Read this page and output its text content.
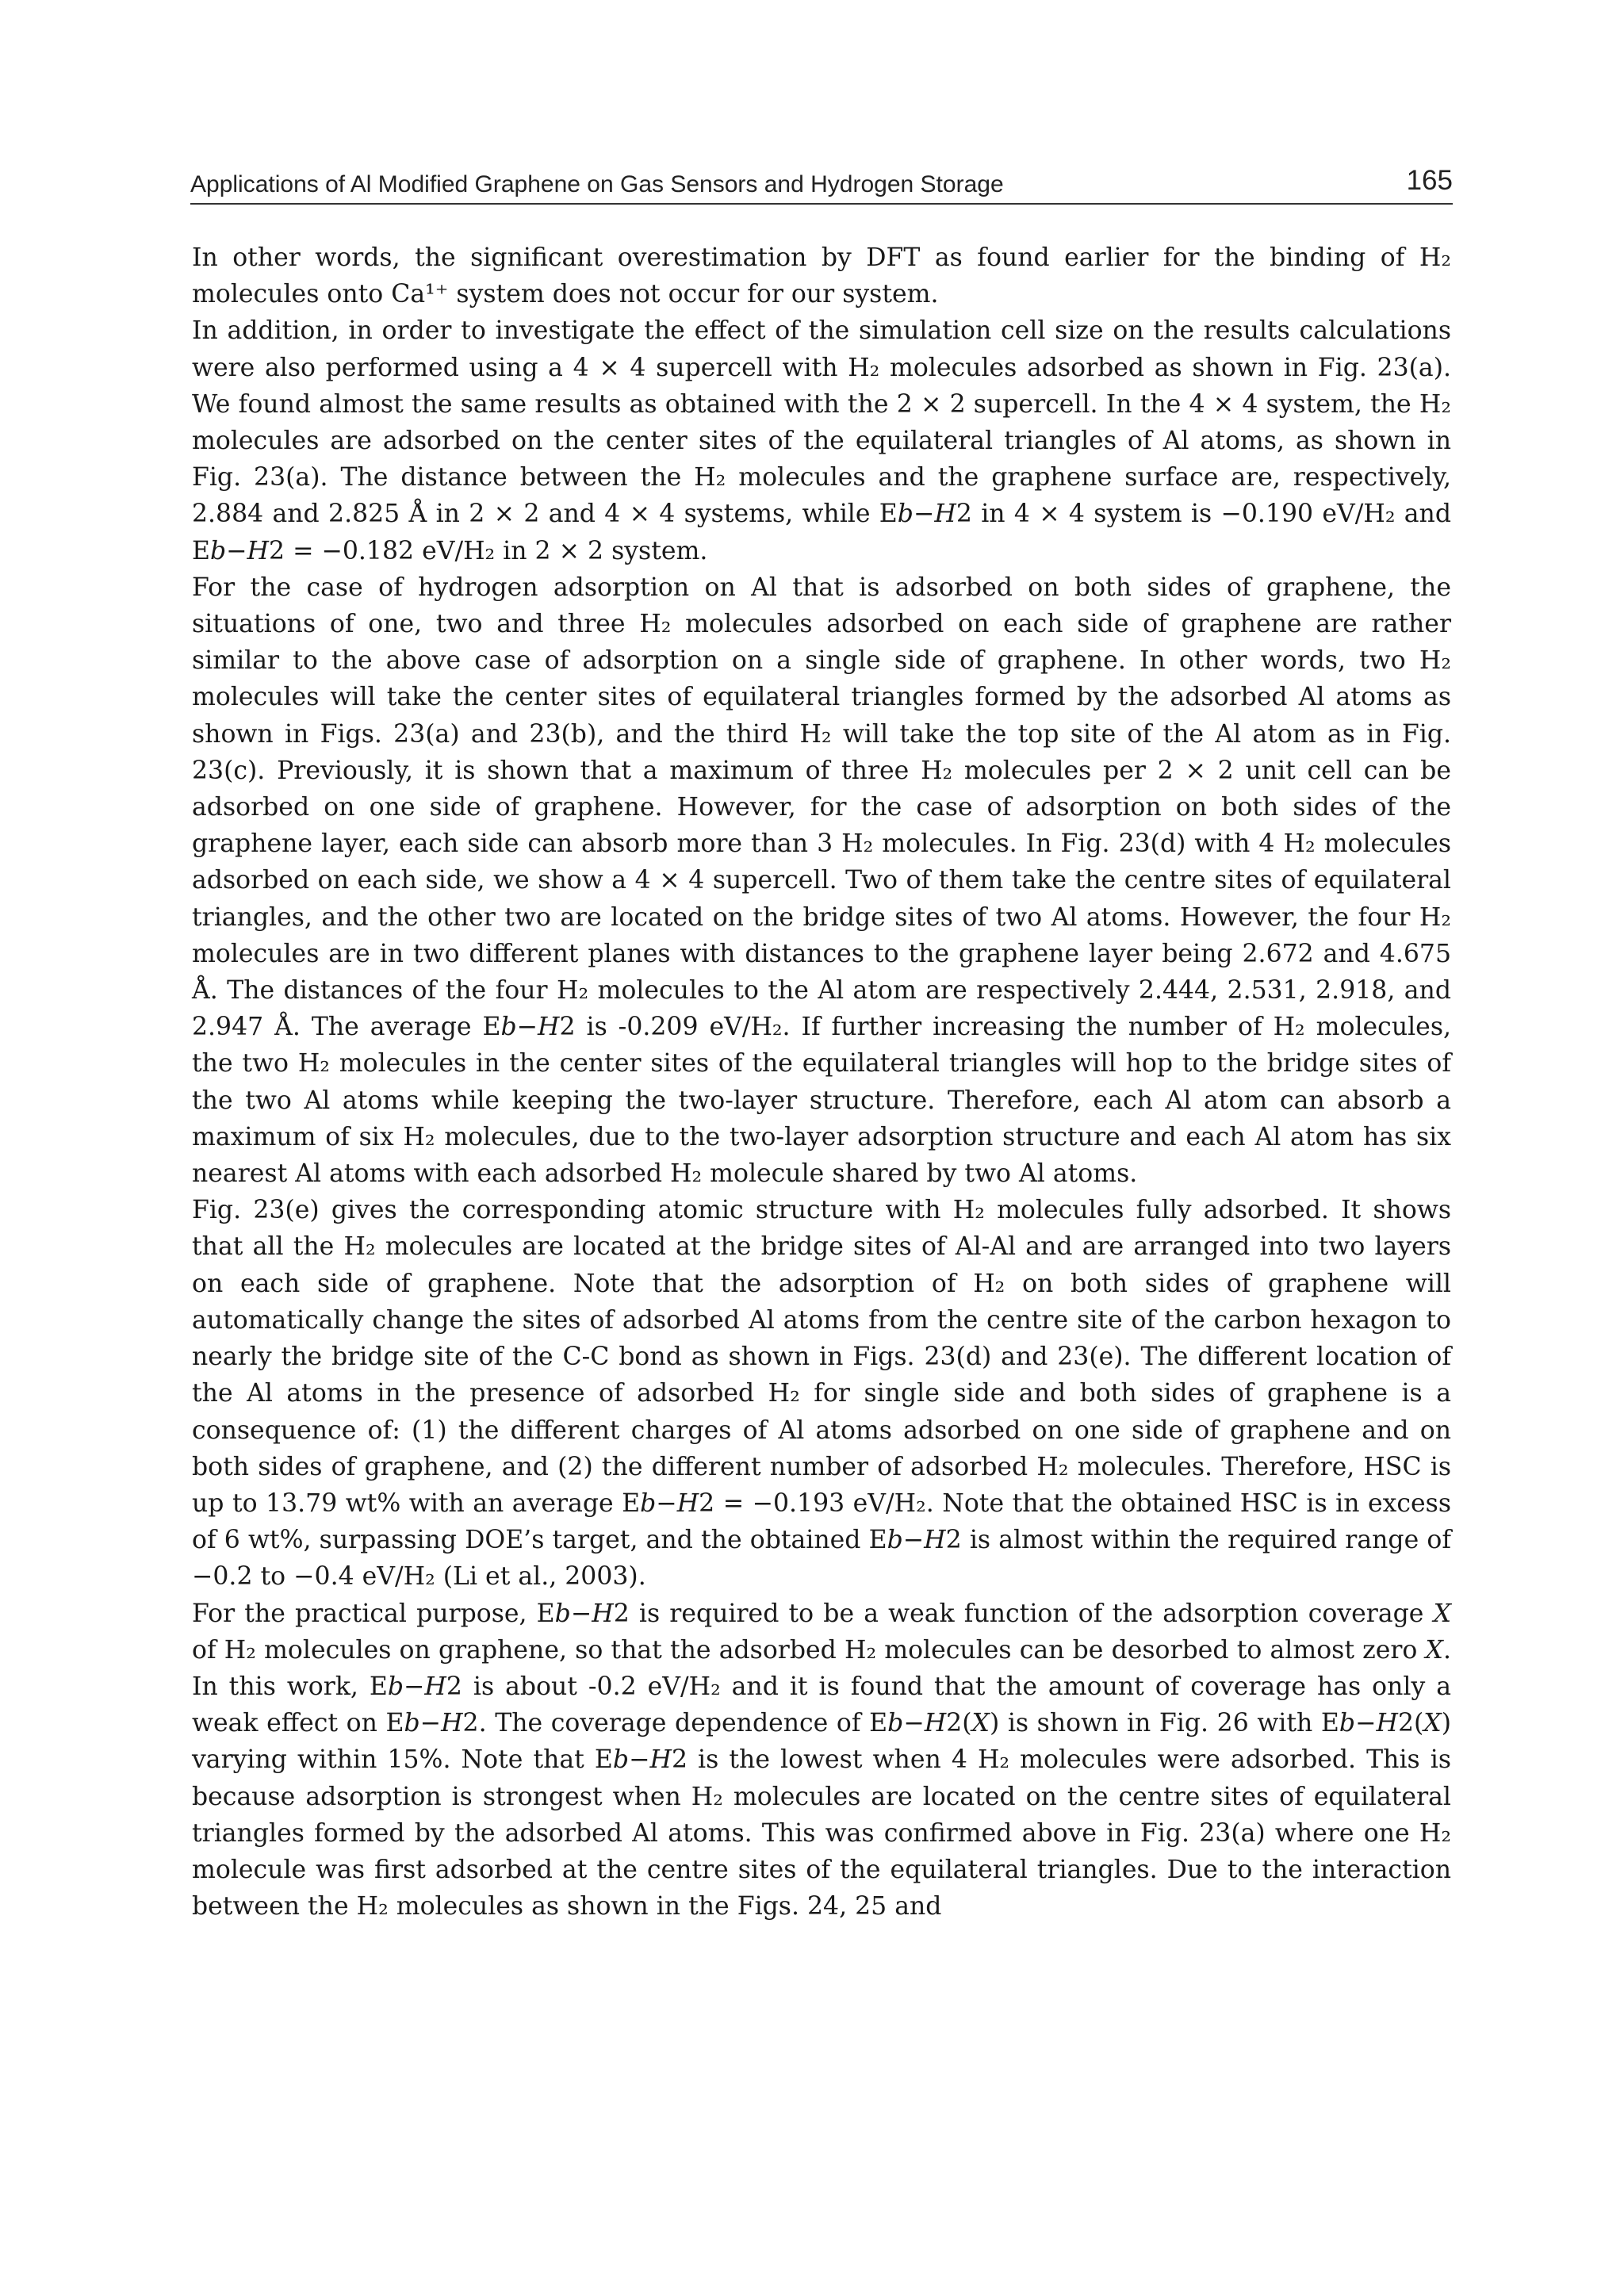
Applications of Al Modified Graphene on Gas Sensors and Hydrogen Storage	165

In other words, the significant overestimation by DFT as found earlier for the binding of H₂ molecules onto Ca¹⁺ system does not occur for our system.

In addition, in order to investigate the effect of the simulation cell size on the results calculations were also performed using a 4 × 4 supercell with H₂ molecules adsorbed as shown in Fig. 23(a). We found almost the same results as obtained with the 2 × 2 supercell. In the 4 × 4 system, the H₂ molecules are adsorbed on the center sites of the equilateral triangles of Al atoms, as shown in Fig. 23(a). The distance between the H₂ molecules and the graphene surface are, respectively, 2.884 and 2.825 Å in 2 × 2 and 4 × 4 systems, while E𝑏−𝐻2 in 4 × 4 system is −0.190 eV/H₂ and E𝑏−𝐻2 = −0.182 eV/H₂ in 2 × 2 system.

For the case of hydrogen adsorption on Al that is adsorbed on both sides of graphene, the situations of one, two and three H₂ molecules adsorbed on each side of graphene are rather similar to the above case of adsorption on a single side of graphene. In other words, two H₂ molecules will take the center sites of equilateral triangles formed by the adsorbed Al atoms as shown in Figs. 23(a) and 23(b), and the third H₂ will take the top site of the Al atom as in Fig. 23(c). Previously, it is shown that a maximum of three H₂ molecules per 2 × 2 unit cell can be adsorbed on one side of graphene. However, for the case of adsorption on both sides of the graphene layer, each side can absorb more than 3 H₂ molecules. In Fig. 23(d) with 4 H₂ molecules adsorbed on each side, we show a 4 × 4 supercell. Two of them take the centre sites of equilateral triangles, and the other two are located on the bridge sites of two Al atoms. However, the four H₂ molecules are in two different planes with distances to the graphene layer being 2.672 and 4.675 Å. The distances of the four H₂ molecules to the Al atom are respectively 2.444, 2.531, 2.918, and 2.947 Å. The average E𝑏−𝐻2 is -0.209 eV/H₂. If further increasing the number of H₂ molecules, the two H₂ molecules in the center sites of the equilateral triangles will hop to the bridge sites of the two Al atoms while keeping the two-layer structure. Therefore, each Al atom can absorb a maximum of six H₂ molecules, due to the two-layer adsorption structure and each Al atom has six nearest Al atoms with each adsorbed H₂ molecule shared by two Al atoms.

Fig. 23(e) gives the corresponding atomic structure with H₂ molecules fully adsorbed. It shows that all the H₂ molecules are located at the bridge sites of Al-Al and are arranged into two layers on each side of graphene. Note that the adsorption of H₂ on both sides of graphene will automatically change the sites of adsorbed Al atoms from the centre site of the carbon hexagon to nearly the bridge site of the C-C bond as shown in Figs. 23(d) and 23(e). The different location of the Al atoms in the presence of adsorbed H₂ for single side and both sides of graphene is a consequence of: (1) the different charges of Al atoms adsorbed on one side of graphene and on both sides of graphene, and (2) the different number of adsorbed H₂ molecules. Therefore, HSC is up to 13.79 wt% with an average E𝑏−𝐻2 = −0.193 eV/H₂. Note that the obtained HSC is in excess of 6 wt%, surpassing DOE’s target, and the obtained E𝑏−𝐻2 is almost within the required range of −0.2 to −0.4 eV/H₂ (Li et al., 2003).

For the practical purpose, E𝑏−𝐻2 is required to be a weak function of the adsorption coverage 𝑋 of H₂ molecules on graphene, so that the adsorbed H₂ molecules can be desorbed to almost zero 𝑋. In this work, E𝑏−𝐻2 is about -0.2 eV/H₂ and it is found that the amount of coverage has only a weak effect on E𝑏−𝐻2. The coverage dependence of E𝑏−𝐻2(𝑋) is shown in Fig. 26 with E𝑏−𝐻2(𝑋) varying within 15%. Note that E𝑏−𝐻2 is the lowest when 4 H₂ molecules were adsorbed. This is because adsorption is strongest when H₂ molecules are located on the centre sites of equilateral triangles formed by the adsorbed Al atoms. This was confirmed above in Fig. 23(a) where one H₂ molecule was first adsorbed at the centre sites of the equilateral triangles. Due to the interaction between the H₂ molecules as shown in the Figs. 24, 25 and
